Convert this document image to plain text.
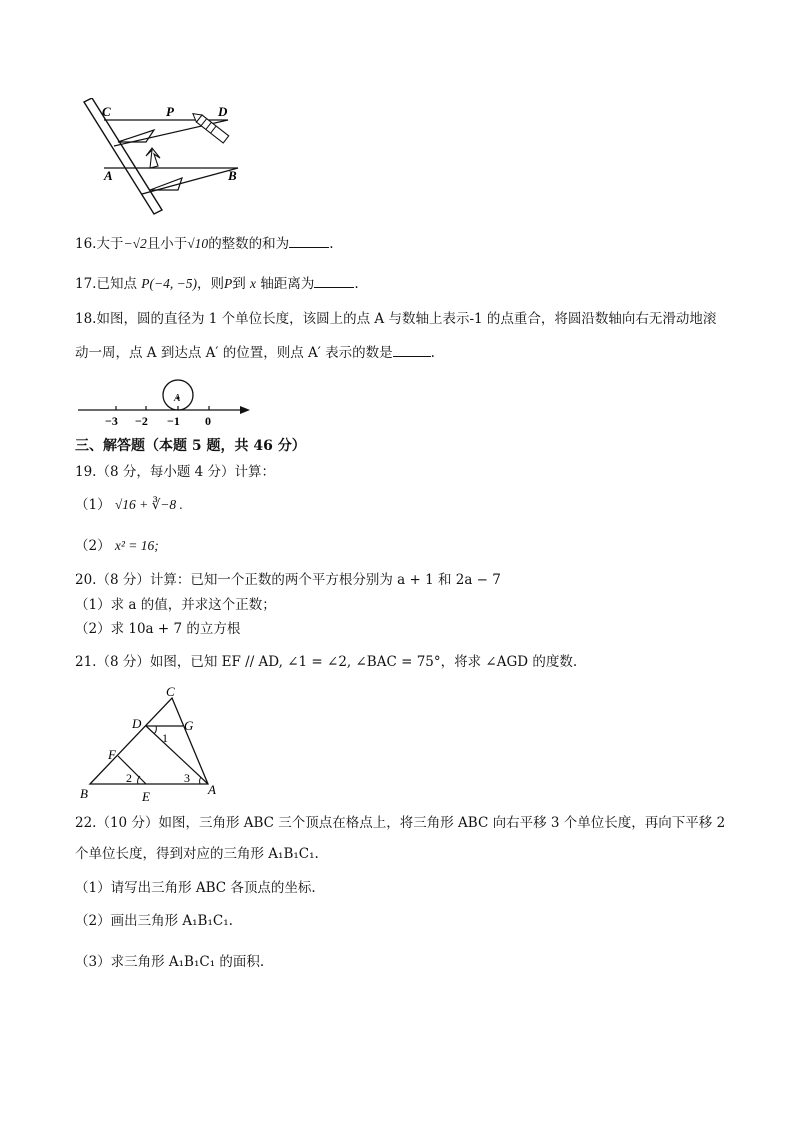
C	P	D
A	B
16.大于−√2且小于√10的整数的和为	.
17.已知点 P(−4, −5)，则P到 x 轴距离为	.
18.如图，圆的直径为 1 个单位长度，该圆上的点 A 与数轴上表示-1 的点重合，将圆沿数轴向右无滑动地滚
动一周，点 A 到达点 A′ 的位置，则点 A′ 表示的数是	.
A
−3 −2 −1 0
三、解答题（本题 5 题，共 46 分）
19.（8 分，每小题 4 分）计算：
（1） √16 + ∛−8 .
（2） x² = 16;
20.（8 分）计算：已知一个正数的两个平方根分别为 a + 1 和 2a − 7
（1）求 a 的值，并求这个正数；
（2）求 10a + 7 的立方根
21.（8 分）如图，已知 EF // AD, ∠1 = ∠2, ∠BAC = 75°，将求 ∠AGD 的度数.
C
D	G
F
B	E	A
1
2	3
22.（10 分）如图，三角形 ABC 三个顶点在格点上，将三角形 ABC 向右平移 3 个单位长度，再向下平移 2
个单位长度，得到对应的三角形 A₁B₁C₁.
（1）请写出三角形 ABC 各顶点的坐标.
（2）画出三角形 A₁B₁C₁.
（3）求三角形 A₁B₁C₁ 的面积.
